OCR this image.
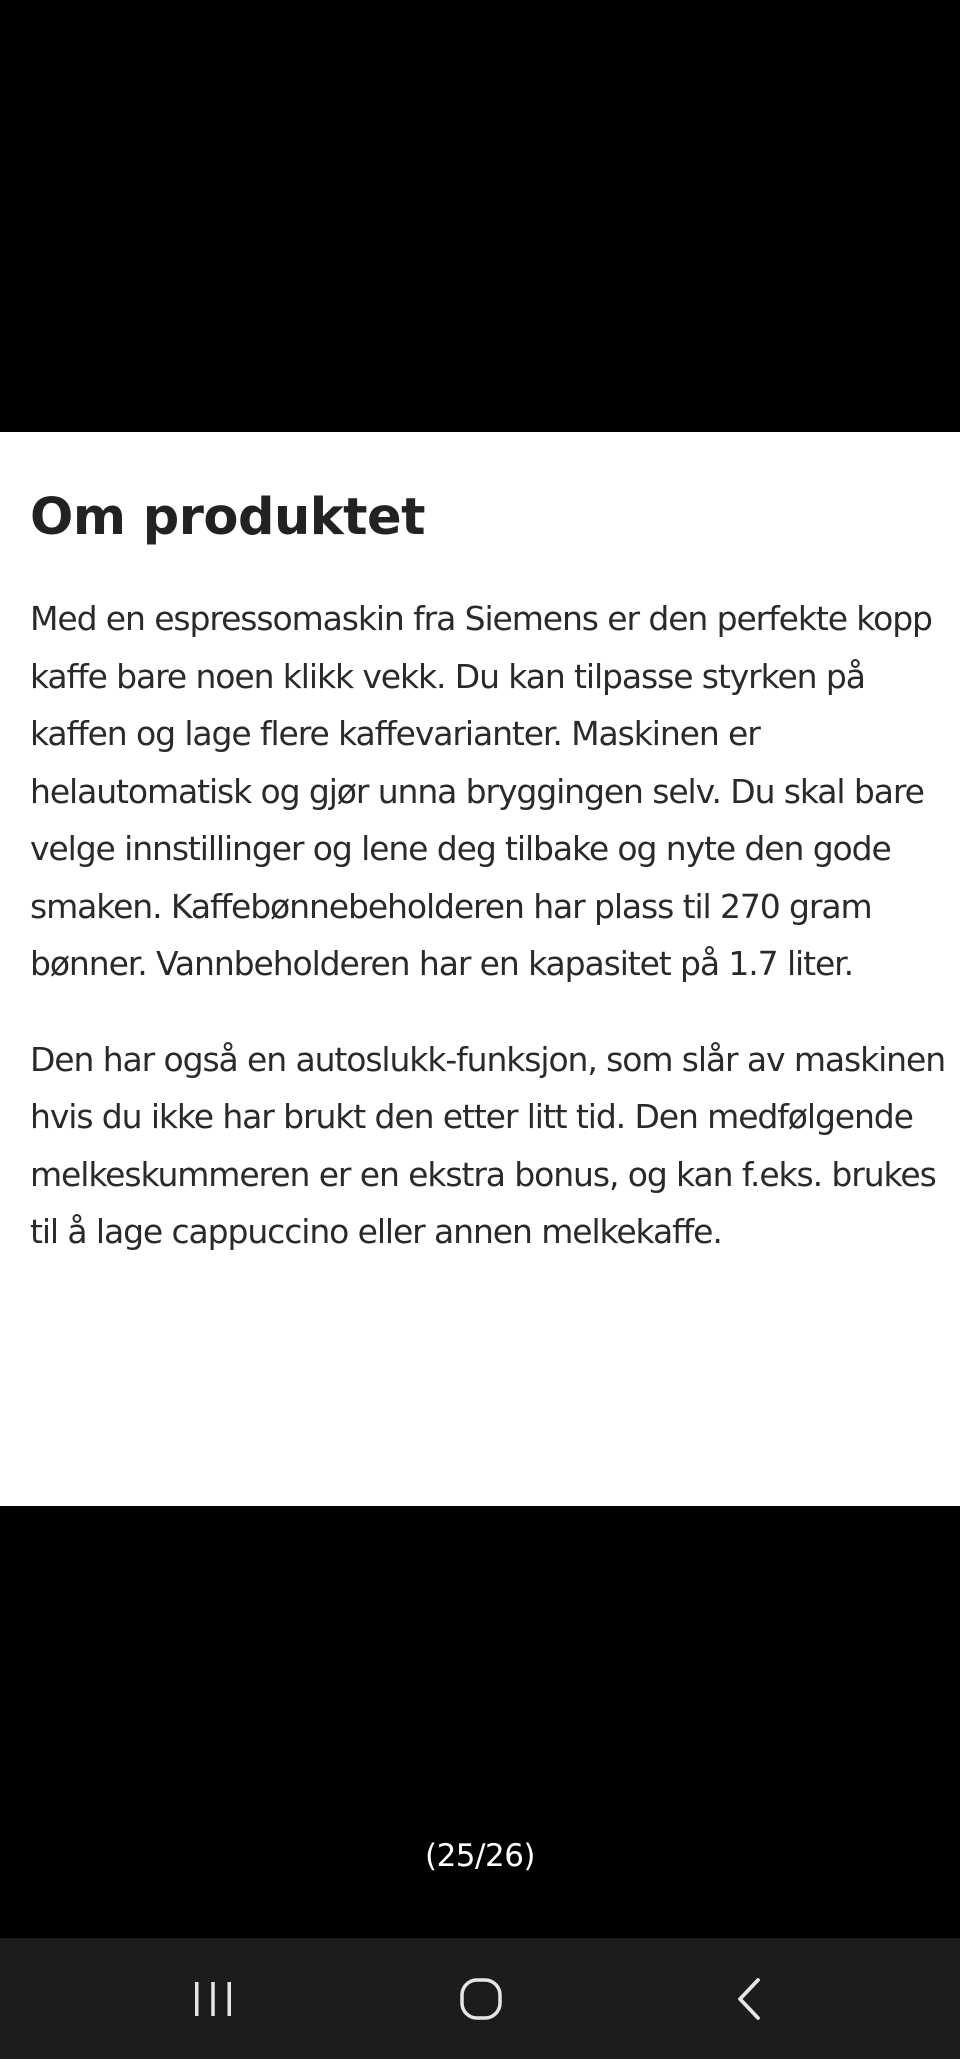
Om produktet

Med en espressomaskin fra Siemens er den perfekte kopp
kaffe bare noen klikk vekk. Du kan tilpasse styrken på
kaffen og lage flere kaffevarianter. Maskinen er
helautomatisk og gjør unna bryggingen selv. Du skal bare
velge innstillinger og lene deg tilbake og nyte den gode
smaken. Kaffebønnebeholderen har plass til 270 gram
bønner. Vannbeholderen har en kapasitet på 1.7 liter.

Den har også en autoslukk-funksjon, som slår av maskinen
hvis du ikke har brukt den etter litt tid. Den medfølgende
melkeskummeren er en ekstra bonus, og kan f.eks. brukes
til å lage cappuccino eller annen melkekaffe.

(25/26)
